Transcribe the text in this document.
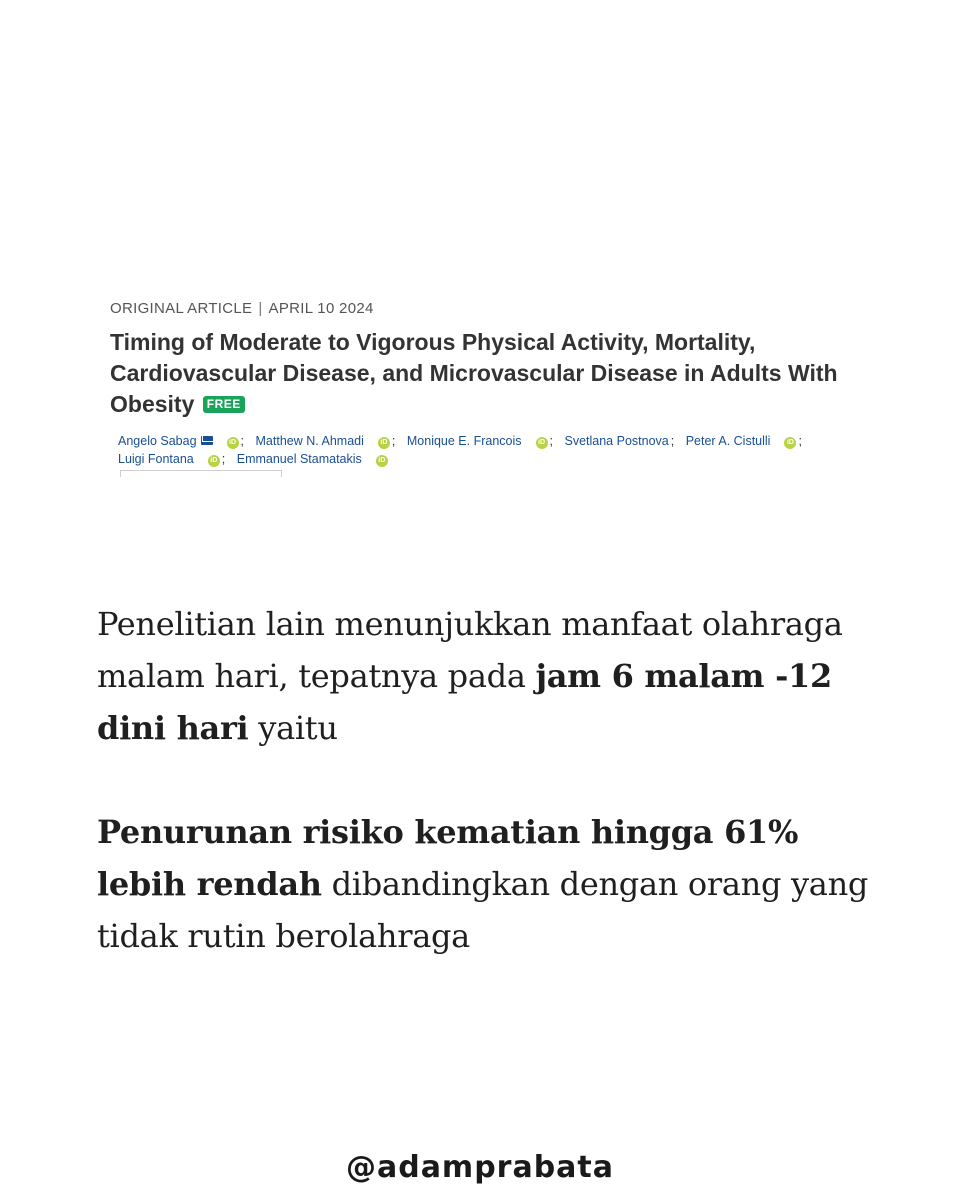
ORIGINAL ARTICLE | APRIL 10 2024
Timing of Moderate to Vigorous Physical Activity, Mortality, Cardiovascular Disease, and Microvascular Disease in Adults With Obesity FREE
Angelo Sabag	iD ; Matthew N. Ahmadi iD ; Monique E. Francois iD ; Svetlana Postnova ; Peter A. Cistulli iD ; Luigi Fontana iD ; Emmanuel Stamatakis iD

Penelitian lain menunjukkan manfaat olahraga malam hari, tepatnya pada jam 6 malam -12 dini hari yaitu

Penurunan risiko kematian hingga 61% lebih rendah dibandingkan dengan orang yang tidak rutin berolahraga

@adamprabata
